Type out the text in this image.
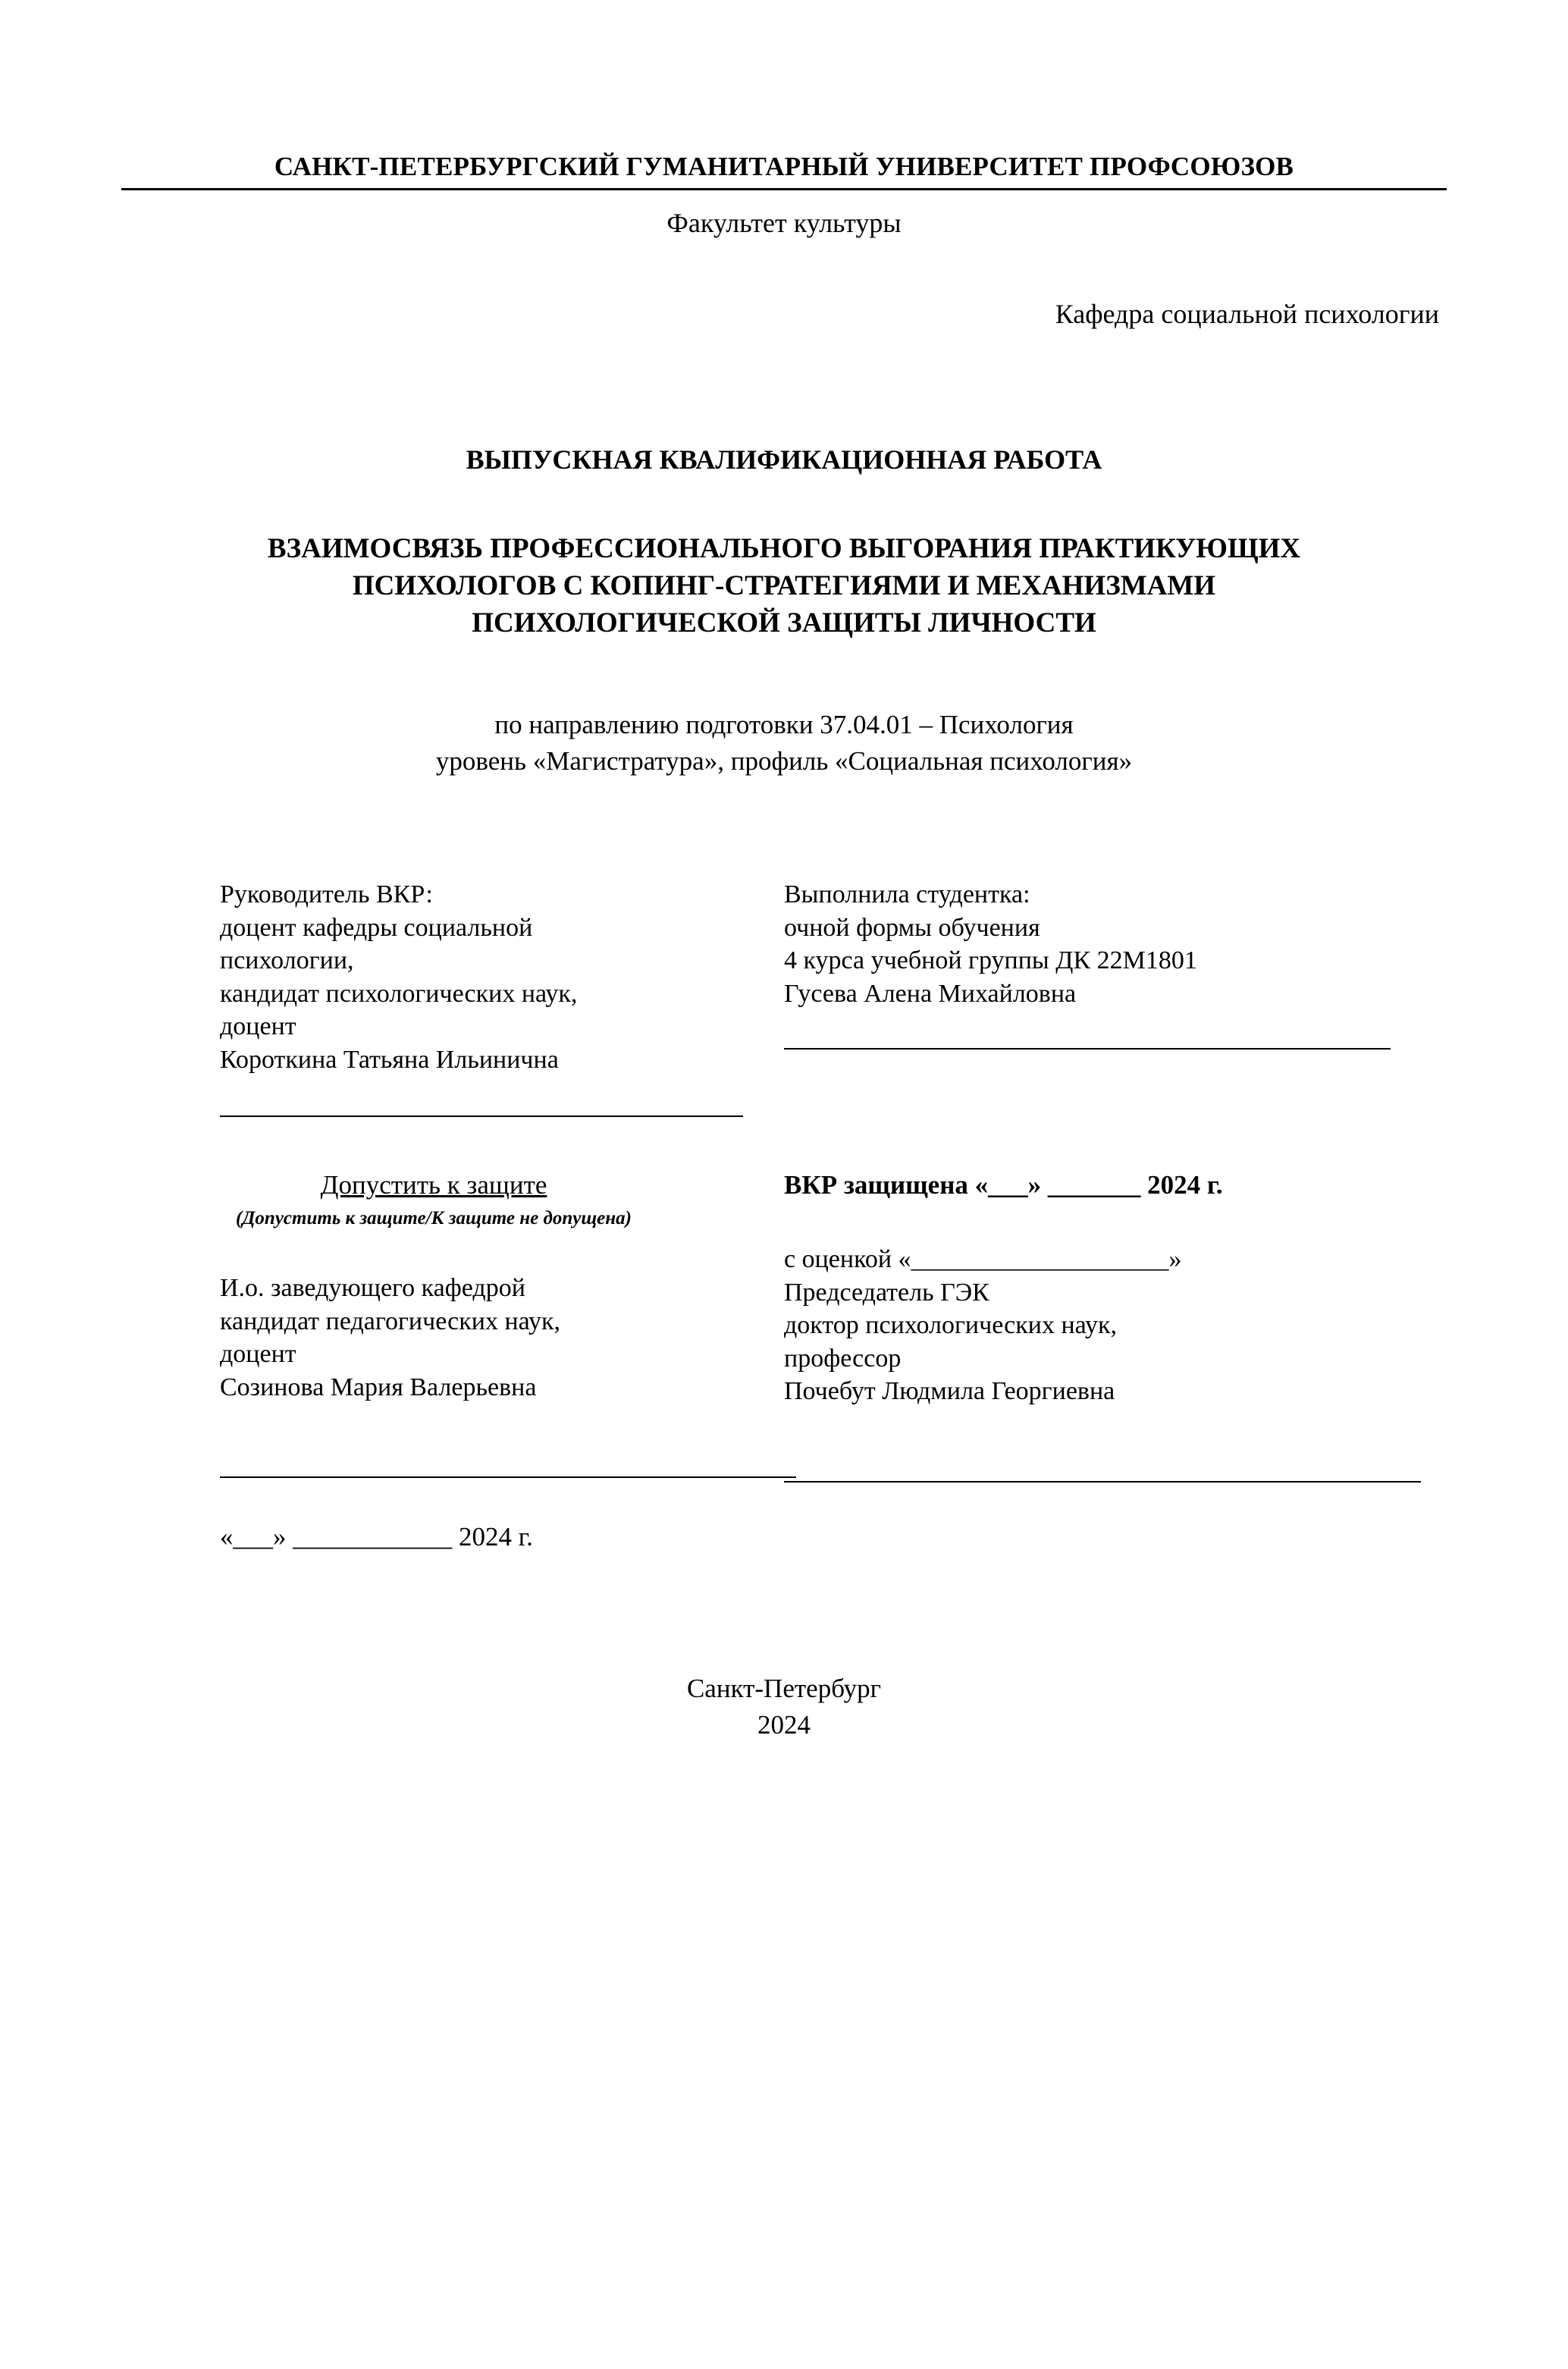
САНКТ-ПЕТЕРБУРГСКИЙ ГУМАНИТАРНЫЙ УНИВЕРСИТЕТ ПРОФСОЮЗОВ
Факультет культуры
Кафедра социальной психологии
ВЫПУСКНАЯ КВАЛИФИКАЦИОННАЯ РАБОТА
ВЗАИМОСВЯЗЬ ПРОФЕССИОНАЛЬНОГО ВЫГОРАНИЯ ПРАКТИКУЮЩИХ ПСИХОЛОГОВ С КОПИНГ-СТРАТЕГИЯМИ И МЕХАНИЗМАМИ ПСИХОЛОГИЧЕСКОЙ ЗАЩИТЫ ЛИЧНОСТИ
по направлению подготовки 37.04.01 – Психология
уровень «Магистратура», профиль «Социальная психология»
Руководитель ВКР:
доцент кафедры социальной
психологии,
кандидат психологических наук,
доцент
Короткина Татьяна Ильинична
Выполнила студентка:
очной формы обучения
4 курса учебной группы ДК 22М1801
Гусева Алена Михайловна
Допустить к защите
(Допустить к защите/К защите не допущена)
И.о. заведующего кафедрой
кандидат педагогических наук,
доцент
Созинова Мария Валерьевна
«___» ____________ 2024 г.
ВКР защищена «___» _______ 2024 г.
с оценкой «____________________»
Председатель ГЭК
доктор психологических наук,
профессор
Почебут Людмила Георгиевна
Санкт-Петербург
2024
